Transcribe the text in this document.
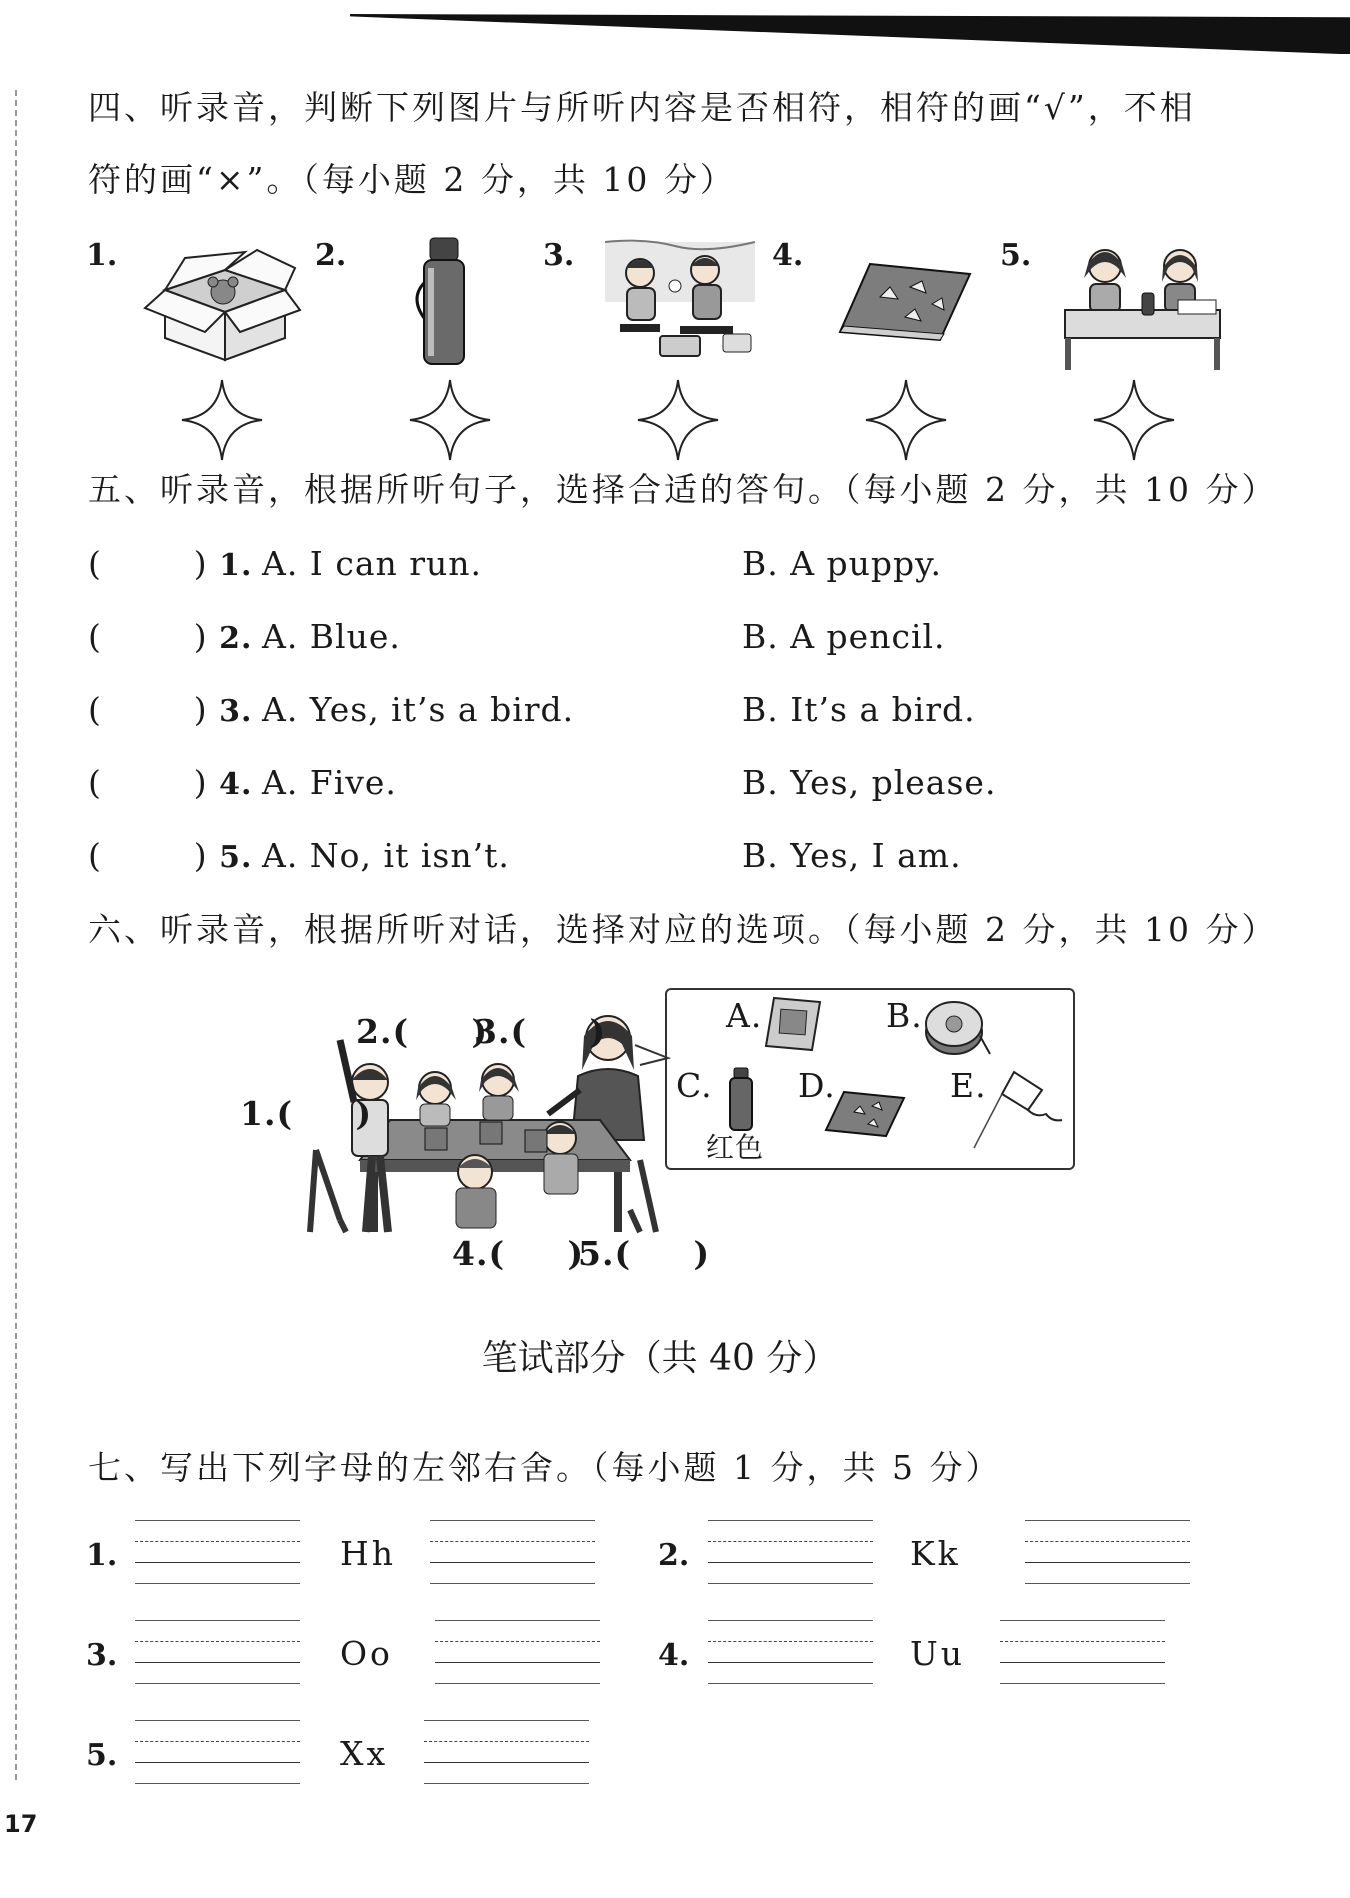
四、听录音，判断下列图片与所听内容是否相符，相符的画“√”，不相
符的画“×”。（每小题 2 分，共 10 分）
1.	2.	3.	4.	5.
五、听录音，根据所听句子，选择合适的答句。（每小题 2 分，共 10 分）
(        ) 1. A. I can run.	B. A puppy.
(        ) 2. A. Blue.	B. A pencil.
(        ) 3. A. Yes, it’s a bird.	B. It’s a bird.
(        ) 4. A. Five.	B. Yes, please.
(        ) 5. A. No, it isn’t.	B. Yes, I am.
六、听录音，根据所听对话，选择对应的选项。（每小题 2 分，共 10 分）
2.(     )
3.(     )
1.(     )
4.(     )
5.(     )
A.	B.
C.	D.	E.
红色
笔试部分（共 40 分）
七、写出下列字母的左邻右舍。（每小题 1 分，共 5 分）
1.	Hh	2.	Kk
3.	Oo	4.	Uu
5.	Xx
17
